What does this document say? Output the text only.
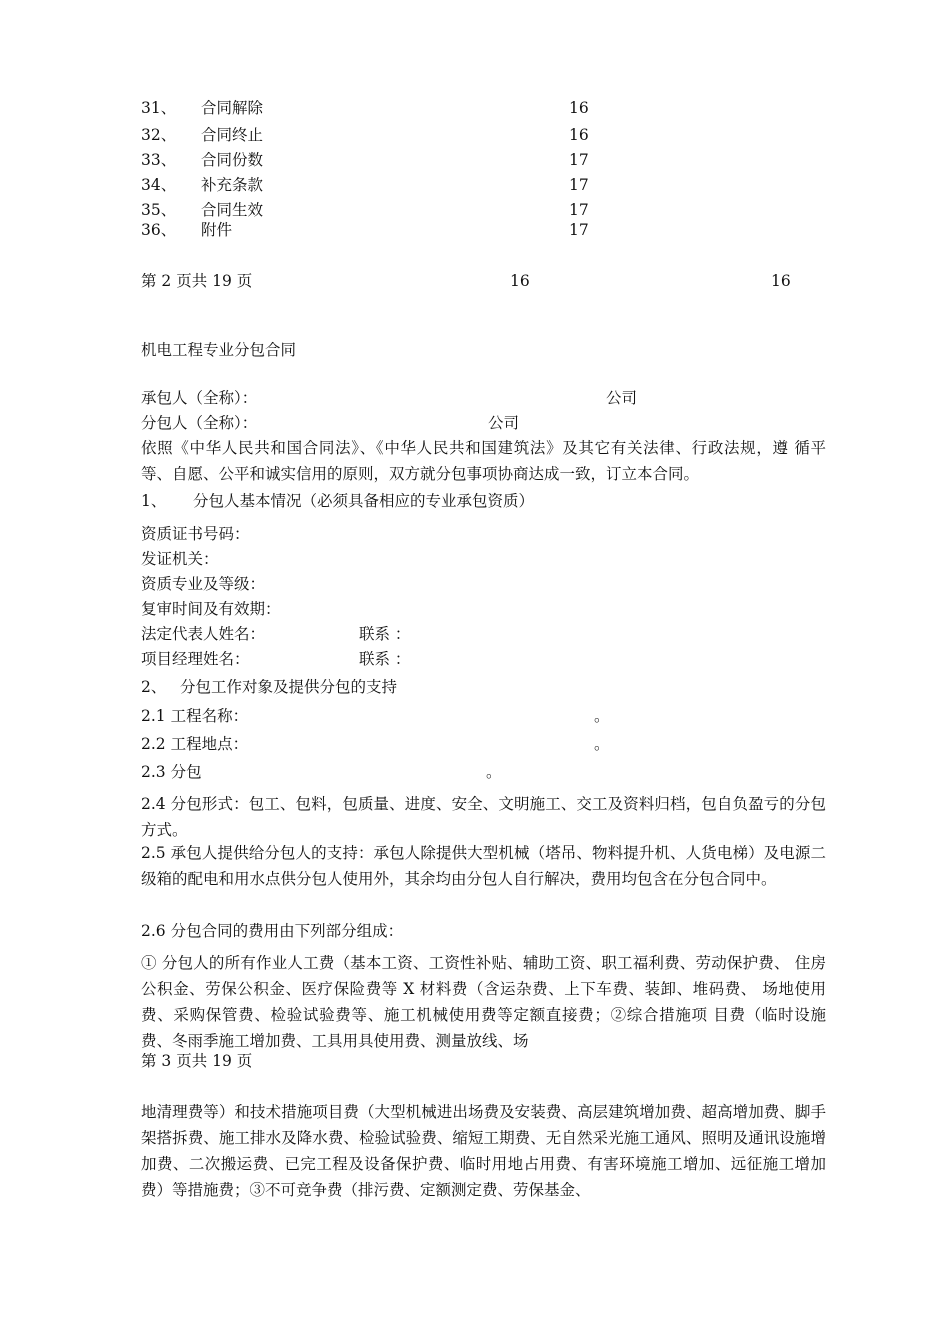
31、 合同解除	16
32、 合同终止	16
33、 合同份数	17
34、 补充条款	17
35、 合同生效	17
36、 附件	17
第 2 页共 19 页	16	16
机电工程专业分包合同
承包人（全称）：	公司
分包人（全称）：	公司
依照《中华人民共和国合同法》、《中华人民共和国建筑法》及其它有关法律、行政法规，遵 循平等、自愿、公平和诚实信用的原则，双方就分包事项协商达成一致，订立本合同。
1、 分包人基本情况（必须具备相应的专业承包资质）
资质证书号码：
发证机关：
资质专业及等级：
复审时间及有效期：
法定代表人姓名：	联系 ：
项目经理姓名：	联系 ：
2、 分包工作对象及提供分包的支持
2.1 工程名称：	。
2.2 工程地点：	。
2.3 分包	。
2.4 分包形式：包工、包料，包质量、进度、安全、文明施工、交工及资料归档，包自负盈亏的分包方式。
2.5 承包人提供给分包人的支持：承包人除提供大型机械（塔吊、物料提升机、人货电梯）及电源二级箱的配电和用水点供分包人使用外，其余均由分包人自行解决，费用均包含在分包合同中。
2.6 分包合同的费用由下列部分组成：
① 分包人的所有作业人工费（基本工资、工资性补贴、辅助工资、职工福利费、劳动保护费、 住房公积金、劳保公积金、医疗保险费等 X 材料费（含运杂费、上下车费、装卸、堆码费、 场地使用费、采购保管费、检验试验费等、施工机械使用费等定额直接费；②综合措施项 目费（临时设施费、冬雨季施工增加费、工具用具使用费、测量放线、场
第 3 页共 19 页
地清理费等）和技术措施项目费（大型机械进出场费及安装费、高层建筑增加费、超高增加费、脚手架搭拆费、施工排水及降水费、检验试验费、缩短工期费、无自然采光施工通风、照明及通讯设施增加费、二次搬运费、已完工程及设备保护费、临时用地占用费、有害环境施工增加、远征施工增加费）等措施费；③不可竞争费（排污费、定额测定费、劳保基金、
